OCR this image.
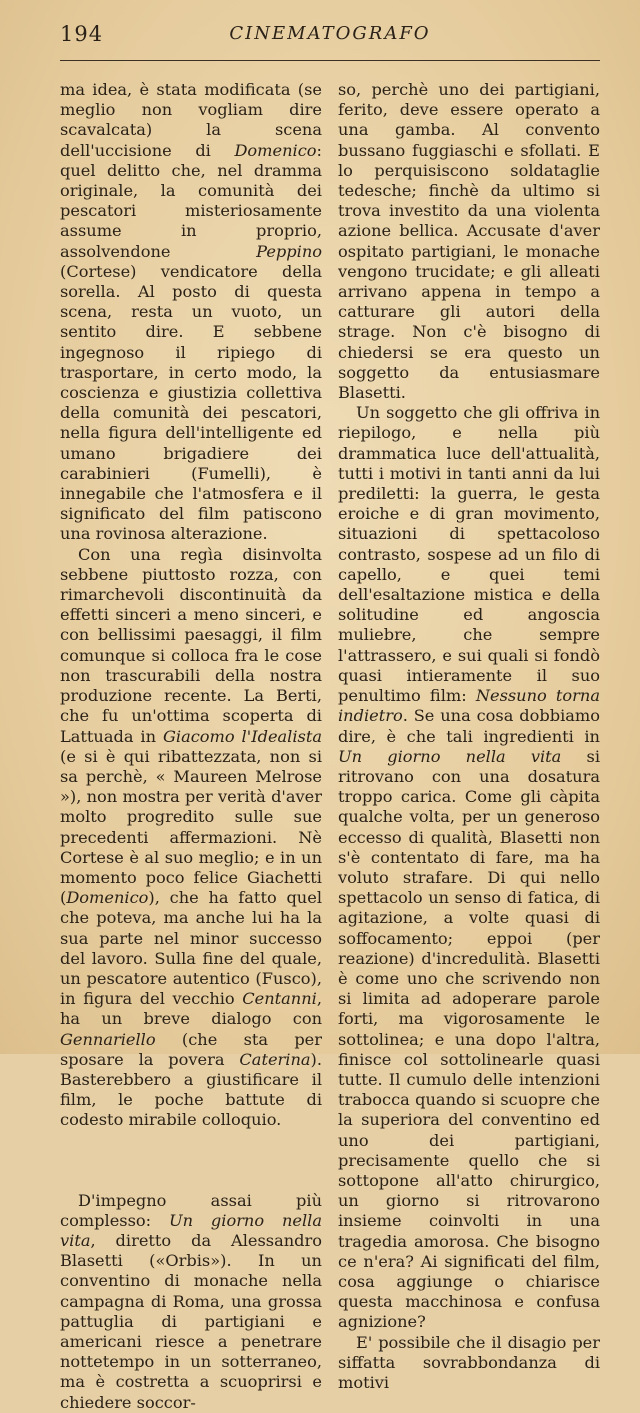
194	CINEMATOGRAFO

ma idea, è stata modificata (se meglio non vogliam dire scavalcata) la scena dell'uccisione di Domenico: quel delitto che, nel dramma originale, la comunità dei pescatori misteriosamente assume in proprio, assolvendone Peppino (Cortese) vendicatore della sorella. Al posto di questa scena, resta un vuoto, un sentito dire. E sebbene ingegnoso il ripiego di trasportare, in certo modo, la coscienza e giustizia collettiva della comunità dei pescatori, nella figura dell'intelligente ed umano brigadiere dei carabinieri (Fumelli), è innegabile che l'atmosfera e il significato del film patiscono una rovinosa alterazione.

Con una regìa disinvolta sebbene piuttosto rozza, con rimarchevoli discontinuità da effetti sinceri a meno sinceri, e con bellissimi paesaggi, il film comunque si colloca fra le cose non trascurabili della nostra produzione recente. La Berti, che fu un'ottima scoperta di Lattuada in Giacomo l'Idealista (e si è qui ribattezzata, non si sa perchè, « Maureen Melrose »), non mostra per verità d'aver molto progredito sulle sue precedenti affermazioni. Nè Cortese è al suo meglio; e in un momento poco felice Giachetti (Domenico), che ha fatto quel che poteva, ma anche lui ha la sua parte nel minor successo del lavoro. Sulla fine del quale, un pescatore autentico (Fusco), in figura del vecchio Centanni, ha un breve dialogo con Gennariello (che sta per sposare la povera Caterina). Basterebbero a giustificare il film, le poche battute di codesto mirabile colloquio.

D'impegno assai più complesso: Un giorno nella vita, diretto da Alessandro Blasetti («Orbis»). In un conventino di monache nella campagna di Roma, una grossa pattuglia di partigiani e americani riesce a penetrare nottetempo in un sotterraneo, ma è costretta a scuoprirsi e chiedere soccor-

so, perchè uno dei partigiani, ferito, deve essere operato a una gamba. Al convento bussano fuggiaschi e sfollati. E lo perquisiscono soldataglie tedesche; finchè da ultimo si trova investito da una violenta azione bellica. Accusate d'aver ospitato partigiani, le monache vengono trucidate; e gli alleati arrivano appena in tempo a catturare gli autori della strage. Non c'è bisogno di chiedersi se era questo un soggetto da entusiasmare Blasetti.

Un soggetto che gli offriva in riepilogo, e nella più drammatica luce dell'attualità, tutti i motivi in tanti anni da lui prediletti: la guerra, le gesta eroiche e di gran movimento, situazioni di spettacoloso contrasto, sospese ad un filo di capello, e quei temi dell'esaltazione mistica e della solitudine ed angoscia muliebre, che sempre l'attrassero, e sui quali si fondò quasi intieramente il suo penultimo film: Nessuno torna indietro. Se una cosa dobbiamo dire, è che tali ingredienti in Un giorno nella vita si ritrovano con una dosatura troppo carica. Come gli càpita qualche volta, per un generoso eccesso di qualità, Blasetti non s'è contentato di fare, ma ha voluto strafare. Di qui nello spettacolo un senso di fatica, di agitazione, a volte quasi di soffocamento; eppoi (per reazione) d'incredulità. Blasetti è come uno che scrivendo non si limita ad adoperare parole forti, ma vigorosamente le sottolinea; e una dopo l'altra, finisce col sottolinearle quasi tutte. Il cumulo delle intenzioni trabocca quando si scuopre che la superiora del conventino ed uno dei partigiani, precisamente quello che si sottopone all'atto chirurgico, un giorno si ritrovarono insieme coinvolti in una tragedia amorosa. Che bisogno ce n'era? Ai significati del film, cosa aggiunge o chiarisce questa macchinosa e confusa agnizione?

E' possibile che il disagio per siffatta sovrabbondanza di motivi
